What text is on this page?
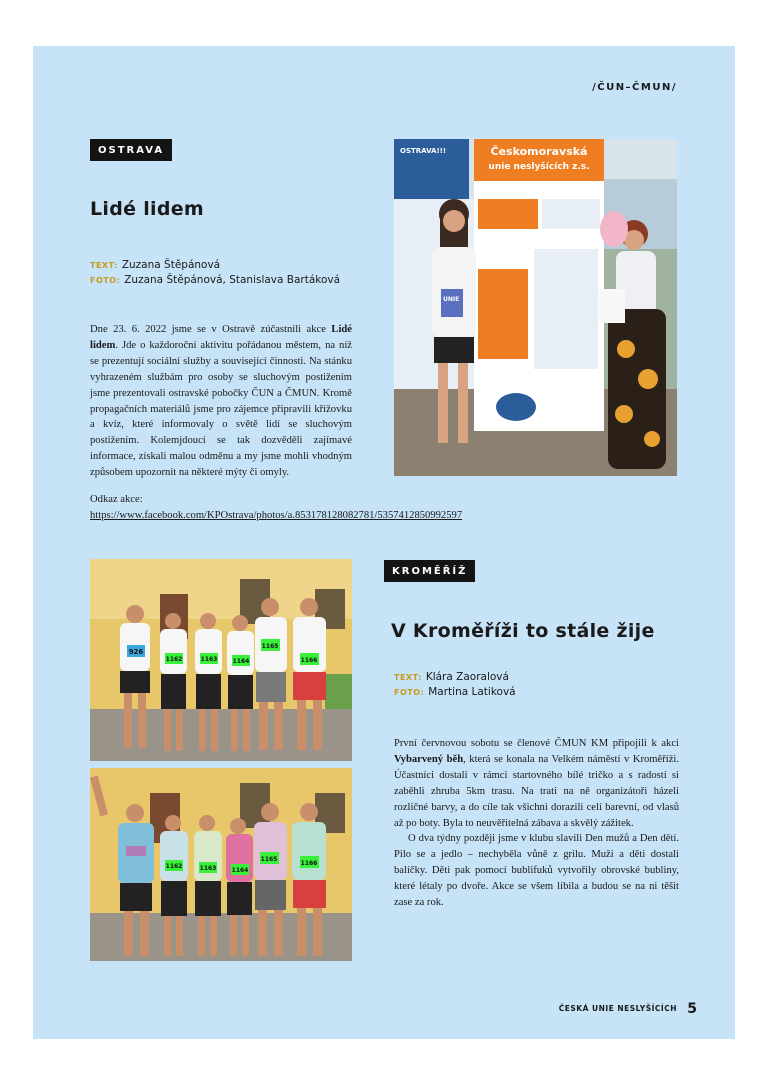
/ČUN–ČMUN/
OSTRAVA
Lidé lidem
TEXT: Zuzana Štěpánová
FOTO: Zuzana Štěpánová, Stanislava Bartáková

Dne 23. 6. 2022 jsme se v Ostravě zúčastnili akce Lidé lidem. Jde o každoroční aktivitu pořádanou městem, na níž se prezentují sociální služby a související činnosti. Na stánku vyhrazeném službám pro osoby se sluchovým postižením jsme prezentovali ostravské pobočky ČUN a ČMUN. Kromě propagačních materiálů jsme pro zájemce připravili křížovku a kvíz, které informovaly o světě lidí se sluchovým postižením. Kolemjdoucí se tak dozvěděli zajímavé informace, získali malou odměnu a my jsme mohli vhodným způsobem upozornit na některé mýty či omyly.

Odkaz akce:
https://www.facebook.com/KPOstrava/photos/a.853178128082781/5357412850992597
OSTRAVA!!!	Českomoravská
unie neslyšících z.s.
UNIE
926
1162	1163	1164
1165
1166
1162	1163	1164
1165
1166
KROMĚŘÍŽ
V Kroměříži to stále žije
TEXT: Klára Zaoralová
FOTO: Martina Latiková

První červnovou sobotu se členové ČMUN KM připojili k akci Vybarvený běh, která se konala na Velkém náměstí v Kroměříži. Účastníci dostali v rámci startovného bílé tričko a s radostí si zaběhli zhruba 5km trasu. Na trati na ně organizátoři házeli rozličné barvy, a do cíle tak všichni dorazili celí barevní, od vlasů až po boty. Byla to neuvěřitelná zábava a skvělý zážitek.
O dva týdny později jsme v klubu slavili Den mužů a Den dětí. Pilo se a jedlo – nechyběla vůně z grilu. Muži a děti dostali balíčky. Děti pak pomocí bublifuků vytvořily obrovské bubliny, které létaly po dvoře. Akce se všem líbila a budou se na ni těšit zase za rok.

ČESKÁ UNIE NESLYŠÍCÍCH 5
